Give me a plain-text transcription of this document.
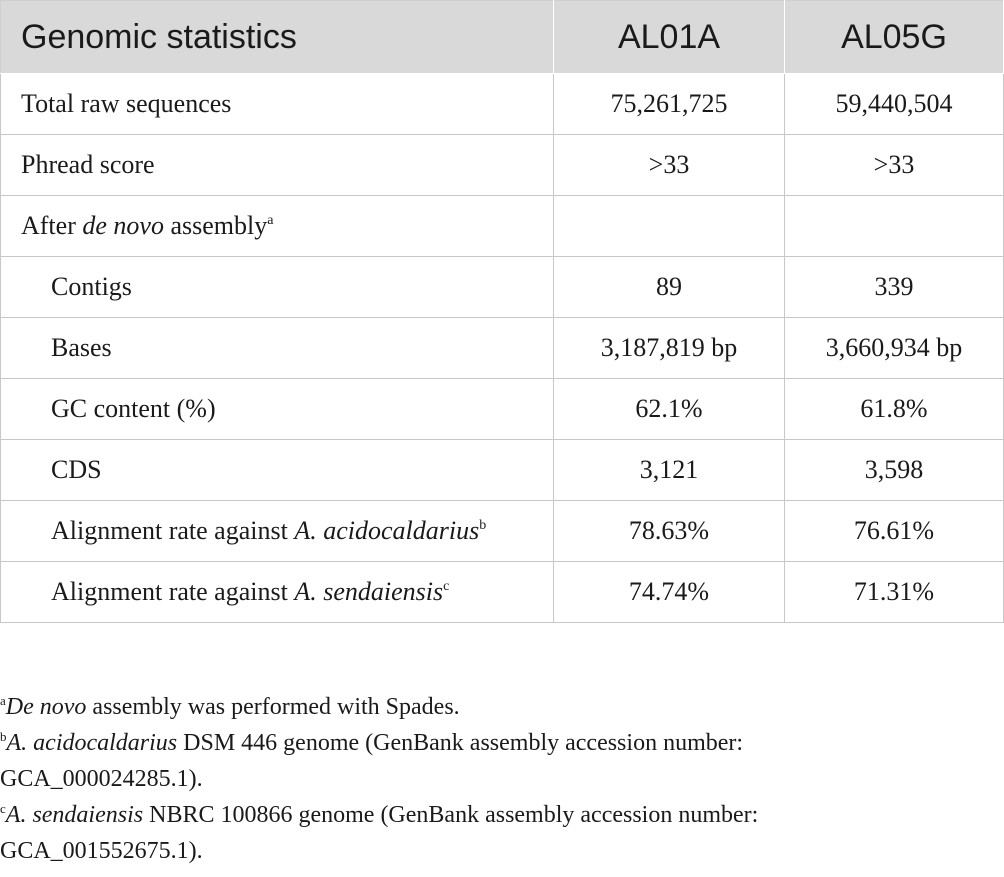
Genomic statistics	AL01A	AL05G
Total raw sequences	75,261,725	59,440,504
Phread score	>33	>33
After de novo assembly$^a$		
Contigs	89	339
Bases	3,187,819 bp	3,660,934 bp
GC content (%)	62.1%	61.8%
CDS	3,121	3,598
Alignment rate against A. acidocaldarius$^b$	78.63%	76.61%
Alignment rate against A. sendaiensis$^c$	74.74%	71.31%

$^a$De novo assembly was performed with Spades.

$^b$A. acidocaldarius DSM 446 genome (GenBank assembly accession number:
GCA_000024285.1).

$^c$A. sendaiensis NBRC 100866 genome (GenBank assembly accession number:
GCA_001552675.1).
